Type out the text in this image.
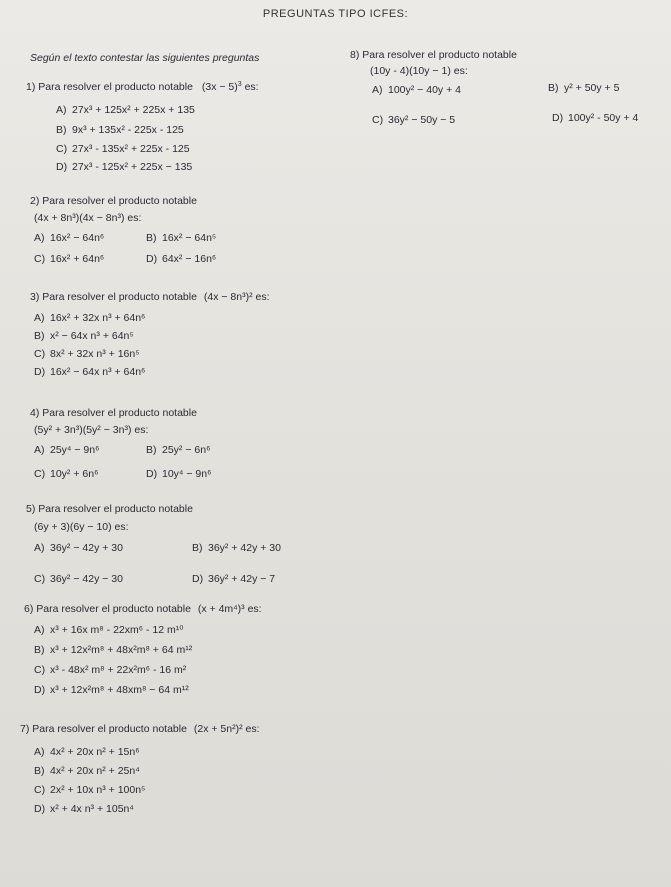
PREGUNTAS TIPO ICFES:
Según el texto contestar las siguientes preguntas
1) Para resolver el producto notable $(3x - 5)^3$ es:
A) 27x³ + 125x² + 225x + 135
B) 9x³ + 135x² - 225x - 125
C) 27x³ - 135x² + 225x - 125
D) 27x³ - 125x² + 225x − 135
8) Para resolver el producto notable
(10y - 4)(10y − 1) es:
A) 100y² − 40y + 4	B) y² + 50y + 5
C) 36y² − 50y − 5	D) 100y² - 50y + 4
2) Para resolver el producto notable
(4x + 8n³)(4x − 8n³) es:
A) 16x² − 64n⁶	B) 16x² − 64n⁵
C) 16x² + 64n⁶	D) 64x² − 16n⁶
3) Para resolver el producto notable (4x − 8n³)² es:
A) 16x² + 32x n³ + 64n⁶
B) x² − 64x n³ + 64n⁵
C) 8x² + 32x n³ + 16n⁵
D) 16x² − 64x n³ + 64n⁶
4) Para resolver el producto notable
(5y² + 3n³)(5y² − 3n³) es:
A) 25y⁴ − 9n⁶	B) 25y² − 6n⁶
C) 10y² + 6n⁶	D) 10y⁴ − 9n⁶
5) Para resolver el producto notable
(6y + 3)(6y − 10) es:
A) 36y² − 42y + 30	B) 36y² + 42y + 30
C) 36y² − 42y − 30	D) 36y² + 42y − 7
6) Para resolver el producto notable (x + 4m⁴)³ es:
A) x³ + 16x m⁸ - 22xm⁶ - 12 m¹⁰
B) x³ + 12x²m⁸ + 48x²m⁸ + 64 m¹²
C) x³ - 48x² m⁸ + 22x²m⁶ - 16 m²
D) x³ + 12x²m⁸ + 48xm⁸ − 64 m¹²
7) Para resolver el producto notable (2x + 5n²)² es:
A) 4x² + 20x n² + 15n⁶
B) 4x² + 20x n² + 25n⁴
C) 2x² + 10x n³ + 100n⁵
D) x² + 4x n³ + 105n⁴
